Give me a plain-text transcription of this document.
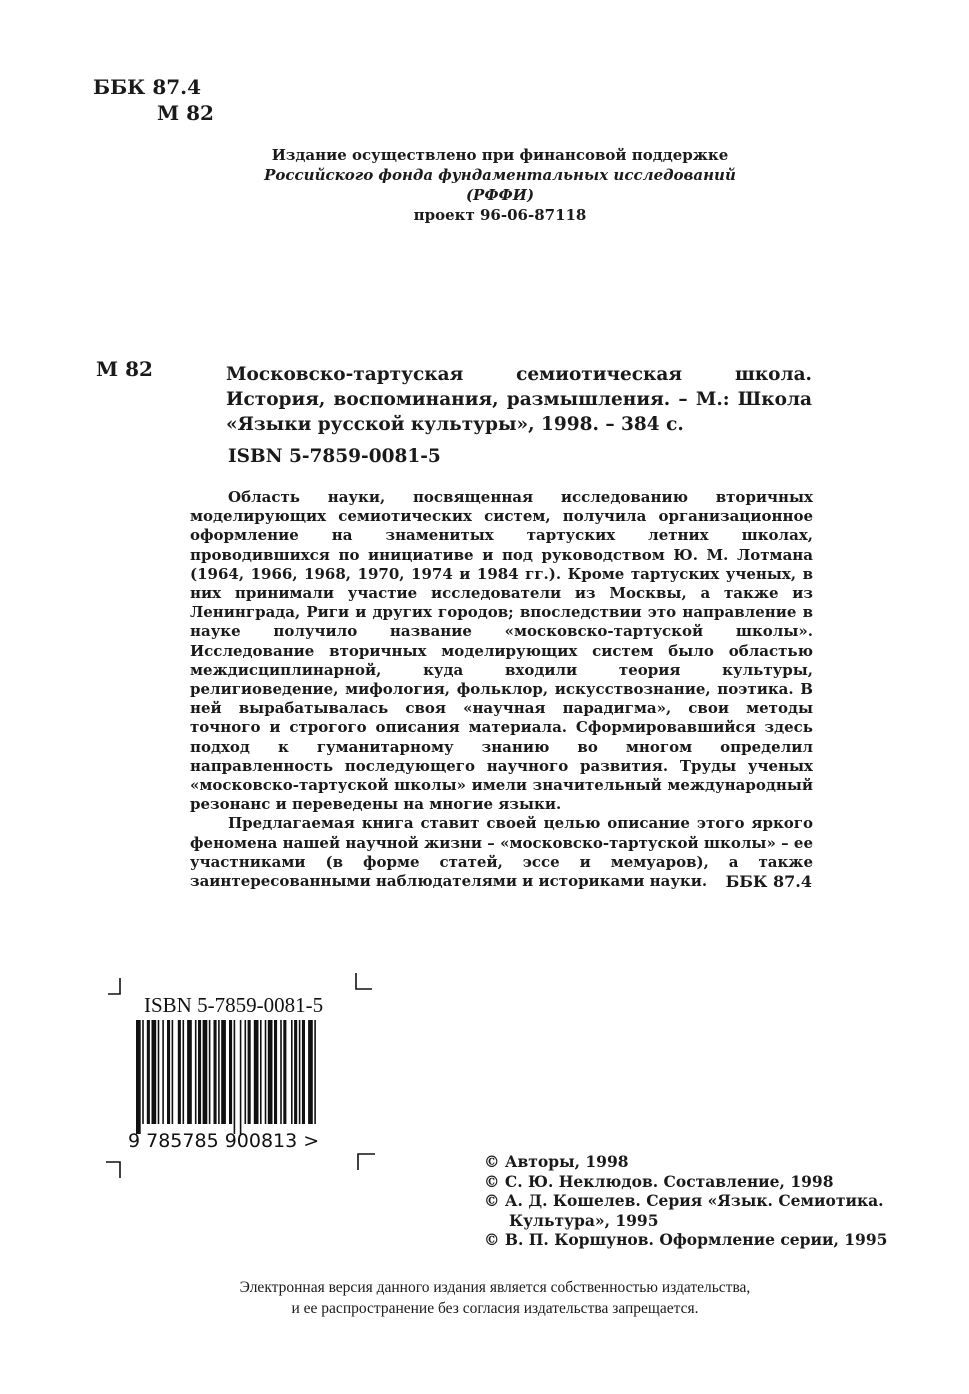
ББК 87.4
М 82
Издание осуществлено при финансовой поддержке
Российского фонда фундаментальных исследований
(РФФИ)
проект 96-06-87118
М 82	Московско-тартуская семиотическая школа. История, воспоминания, размышления. – М.: Школа «Языки русской культуры», 1998. – 384 с.
ISBN 5-7859-0081-5

Область науки, посвященная исследованию вторичных моделирующих семиотических систем, получила организационное оформление на знаменитых тартуских летних школах, проводившихся по инициативе и под руководством Ю. М. Лотмана (1964, 1966, 1968, 1970, 1974 и 1984 гг.). Кроме тартуских ученых, в них принимали участие исследователи из Москвы, а также из Ленинграда, Риги и других городов; впоследствии это направление в науке получило название «московско-тартуской школы». Исследование вторичных моделирующих систем было областью междисциплинарной, куда входили теория культуры, религиоведение, мифология, фольклор, искусствознание, поэтика. В ней вырабатывалась своя «научная парадигма», свои методы точного и строгого описания материала. Сформировавшийся здесь подход к гуманитарному знанию во многом определил направленность последующего научного развития. Труды ученых «московско-тартуской школы» имели значительный международный резонанс и переведены на многие языки.

Предлагаемая книга ставит своей целью описание этого яркого феномена нашей научной жизни – «московско-тартуской школы» – ее участниками (в форме статей, эссе и мемуаров), а также заинтересованными наблюдателями и историками науки.	ББК 87.4
ISBN 5-7859-0081-5
9 785785 900813 >
© Авторы, 1998
© С. Ю. Неклюдов. Составление, 1998
© А. Д. Кошелев. Серия «Язык. Семиотика.
Культура», 1995
© В. П. Коршунов. Оформление серии, 1995
Электронная версия данного издания является собственностью издательства,
и ее распространение без согласия издательства запрещается.
